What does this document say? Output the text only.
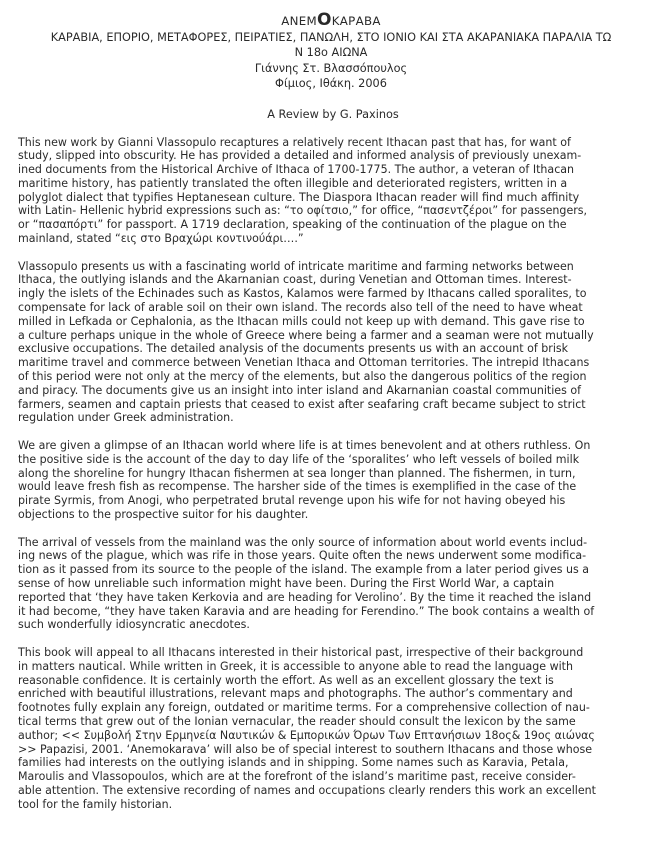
ΑΝΕΜΟΚΑΡΑΒΑ
ΚΑΡΑΒΙΑ, ΕΠΟΡΙΟ, ΜΕΤΑΦΟΡΕΣ, ΠΕΙΡΑΤΙΕΣ, ΠΑΝΩΛΗ, ΣΤΟ ΙΟΝΙΟ ΚΑΙ ΣΤΑ ΑΚΑΡΑΝΙΑΚΑ ΠΑΡΑΛΙΑ ΤΩ
Ν 18ο ΑΙΩΝΑ
Γιάννης Στ. Βλασσόπουλος
Φίμιος, Ιθάκη. 2006
A Review by G. Paxinos

This new work by Gianni Vlassopulo recaptures a relatively recent Ithacan past that has, for want of
study, slipped into obscurity. He has provided a detailed and informed analysis of previously unexam-
ined documents from the Historical Archive of Ithaca of 1700-1775. The author, a veteran of Ithacan
maritime history, has patiently translated the often illegible and deteriorated registers, written in a
polyglot dialect that typifies Heptanesean culture. The Diaspora Ithacan reader will find much affinity
with Latin- Hellenic hybrid expressions such as: “το οφίτσιο,” for office, “πασεντζέροι” for passengers,
or “πασαπόρτι” for passport. A 1719 declaration, speaking of the continuation of the plague on the
mainland, stated “εις στο Βραχώρι κοντινούάρι….”

Vlassopulo presents us with a fascinating world of intricate maritime and farming networks between
Ithaca, the outlying islands and the Akarnanian coast, during Venetian and Ottoman times. Interest-
ingly the islets of the Echinades such as Kastos, Kalamos were farmed by Ithacans called sporalites, to
compensate for lack of arable soil on their own island. The records also tell of the need to have wheat
milled in Lefkada or Cephalonia, as the Ithacan mills could not keep up with demand. This gave rise to
a culture perhaps unique in the whole of Greece where being a farmer and a seaman were not mutually
exclusive occupations. The detailed analysis of the documents presents us with an account of brisk
maritime travel and commerce between Venetian Ithaca and Ottoman territories. The intrepid Ithacans
of this period were not only at the mercy of the elements, but also the dangerous politics of the region
and piracy. The documents give us an insight into inter island and Akarnanian coastal communities of
farmers, seamen and captain priests that ceased to exist after seafaring craft became subject to strict
regulation under Greek administration.

We are given a glimpse of an Ithacan world where life is at times benevolent and at others ruthless. On
the positive side is the account of the day to day life of the ‘sporalites’ who left vessels of boiled milk
along the shoreline for hungry Ithacan fishermen at sea longer than planned. The fishermen, in turn,
would leave fresh fish as recompense. The harsher side of the times is exemplified in the case of the
pirate Syrmis, from Anogi, who perpetrated brutal revenge upon his wife for not having obeyed his
objections to the prospective suitor for his daughter.

The arrival of vessels from the mainland was the only source of information about world events includ-
ing news of the plague, which was rife in those years. Quite often the news underwent some modifica-
tion as it passed from its source to the people of the island. The example from a later period gives us a
sense of how unreliable such information might have been. During the First World War, a captain
reported that ‘they have taken Kerkovia and are heading for Verolino’. By the time it reached the island
it had become, “they have taken Karavia and are heading for Ferendino.” The book contains a wealth of
such wonderfully idiosyncratic anecdotes.

This book will appeal to all Ithacans interested in their historical past, irrespective of their background
in matters nautical. While written in Greek, it is accessible to anyone able to read the language with
reasonable confidence. It is certainly worth the effort. As well as an excellent glossary the text is
enriched with beautiful illustrations, relevant maps and photographs. The author’s commentary and
footnotes fully explain any foreign, outdated or maritime terms. For a comprehensive collection of nau-
tical terms that grew out of the Ionian vernacular, the reader should consult the lexicon by the same
author; << Συμβολή Στην Ερμηνεία Ναυτικών & Εμπορικών Όρων Των Επτανήσιων 18ος& 19ος αιώνας
>> Papazisi, 2001. ‘Anemokarava’ will also be of special interest to southern Ithacans and those whose
families had interests on the outlying islands and in shipping. Some names such as Karavia, Petala,
Maroulis and Vlassopoulos, which are at the forefront of the island’s maritime past, receive consider-
able attention. The extensive recording of names and occupations clearly renders this work an excellent
tool for the family historian.
